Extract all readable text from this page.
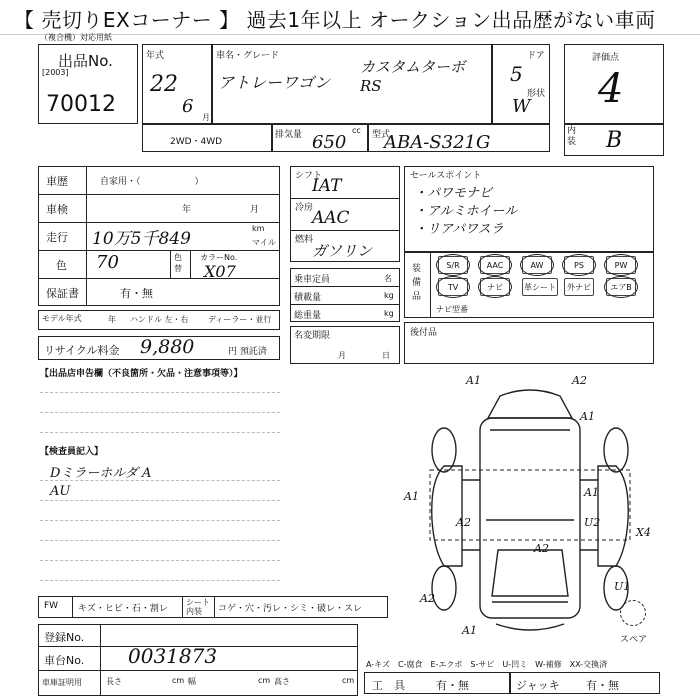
【 売切りEXコーナー 】 過去1年以上 オークション出品歴がない車両
（複合機）対応用紙
出品No.
[2003]
70012
年式
22
6
月
車名・グレード
アトレーワゴン
カスタムターボ RS
ドア
5
形状
W
評価点
4
2WD・4WD
排気量 650
cc 型式
ABA-S321G
内装 B
車歴	自家用・（　　　　　　）
車検	年	月
走行 10万5千849
km
マイル
色 70	色替
カラーNo.
X07
保証書	有・無
モデル年式	年 ハンドル 左・右 ディーラー・並行
リサイクル料金 9,880	円 預託済
シフト
IAT
冷房
AAC
燃料
ガソリン
乗車定員	名
積載量	kg
総重量	kg
名変期限
月	日
セールスポイント
・パワモナビ
・アルミホイール
・リアパワスラ
装備品
S/R	AAC	AW	PS	PW
TV	ナビ	革シート	外ナビ	エアB
ナビ型番
後付品
【出品店申告欄（不良箇所・欠品・注意事項等）】
【検査員記入】
Dミラーホルダ A
AU
A1	A2
A1
A2
A1
U2
A1
A2
X4
U1
A2
A1
スペア
FW キズ・ヒビ・石・割レ
シート内装	コゲ・穴・汚レ・シミ・破レ・スレ
登録No.
車台No. 0031873
車庫証明用	長さ	cm 幅	cm 高さ	cm
A-キズ　C-腐食　E-エクボ　S-サビ　U-凹ミ　W-補修　XX-交換済
工　具	有・無	ジャッキ 有・無
